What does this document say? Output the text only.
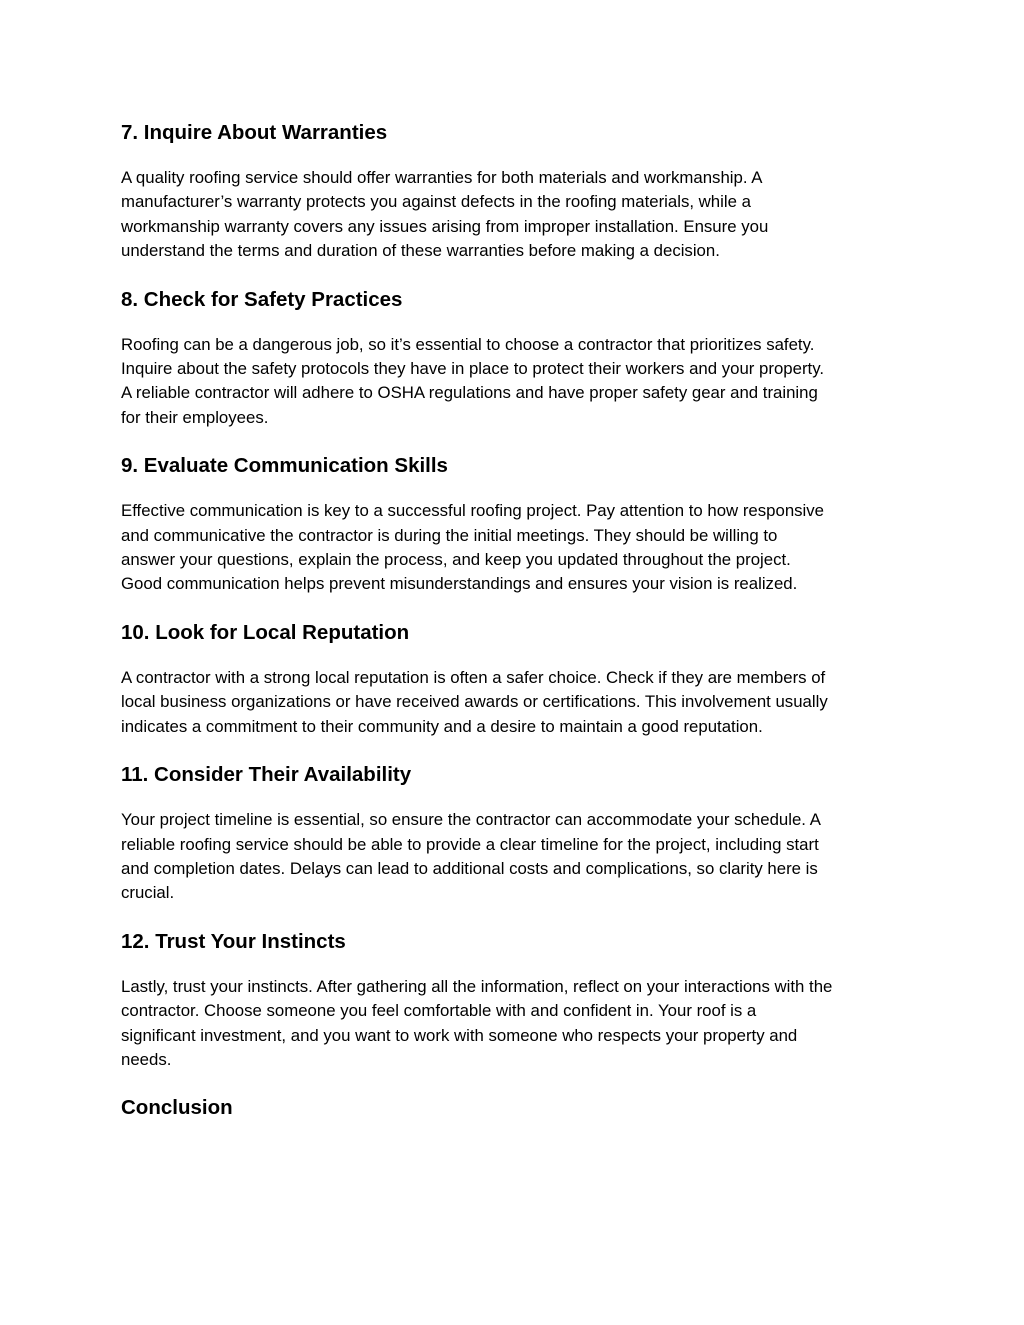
7. Inquire About Warranties

A quality roofing service should offer warranties for both materials and workmanship. A
manufacturer’s warranty protects you against defects in the roofing materials, while a
workmanship warranty covers any issues arising from improper installation. Ensure you
understand the terms and duration of these warranties before making a decision.

8. Check for Safety Practices

Roofing can be a dangerous job, so it’s essential to choose a contractor that prioritizes safety.
Inquire about the safety protocols they have in place to protect their workers and your property.
A reliable contractor will adhere to OSHA regulations and have proper safety gear and training
for their employees.

9. Evaluate Communication Skills

Effective communication is key to a successful roofing project. Pay attention to how responsive
and communicative the contractor is during the initial meetings. They should be willing to
answer your questions, explain the process, and keep you updated throughout the project.
Good communication helps prevent misunderstandings and ensures your vision is realized.

10. Look for Local Reputation

A contractor with a strong local reputation is often a safer choice. Check if they are members of
local business organizations or have received awards or certifications. This involvement usually
indicates a commitment to their community and a desire to maintain a good reputation.

11. Consider Their Availability

Your project timeline is essential, so ensure the contractor can accommodate your schedule. A
reliable roofing service should be able to provide a clear timeline for the project, including start
and completion dates. Delays can lead to additional costs and complications, so clarity here is
crucial.

12. Trust Your Instincts

Lastly, trust your instincts. After gathering all the information, reflect on your interactions with the
contractor. Choose someone you feel comfortable with and confident in. Your roof is a
significant investment, and you want to work with someone who respects your property and
needs.

Conclusion
